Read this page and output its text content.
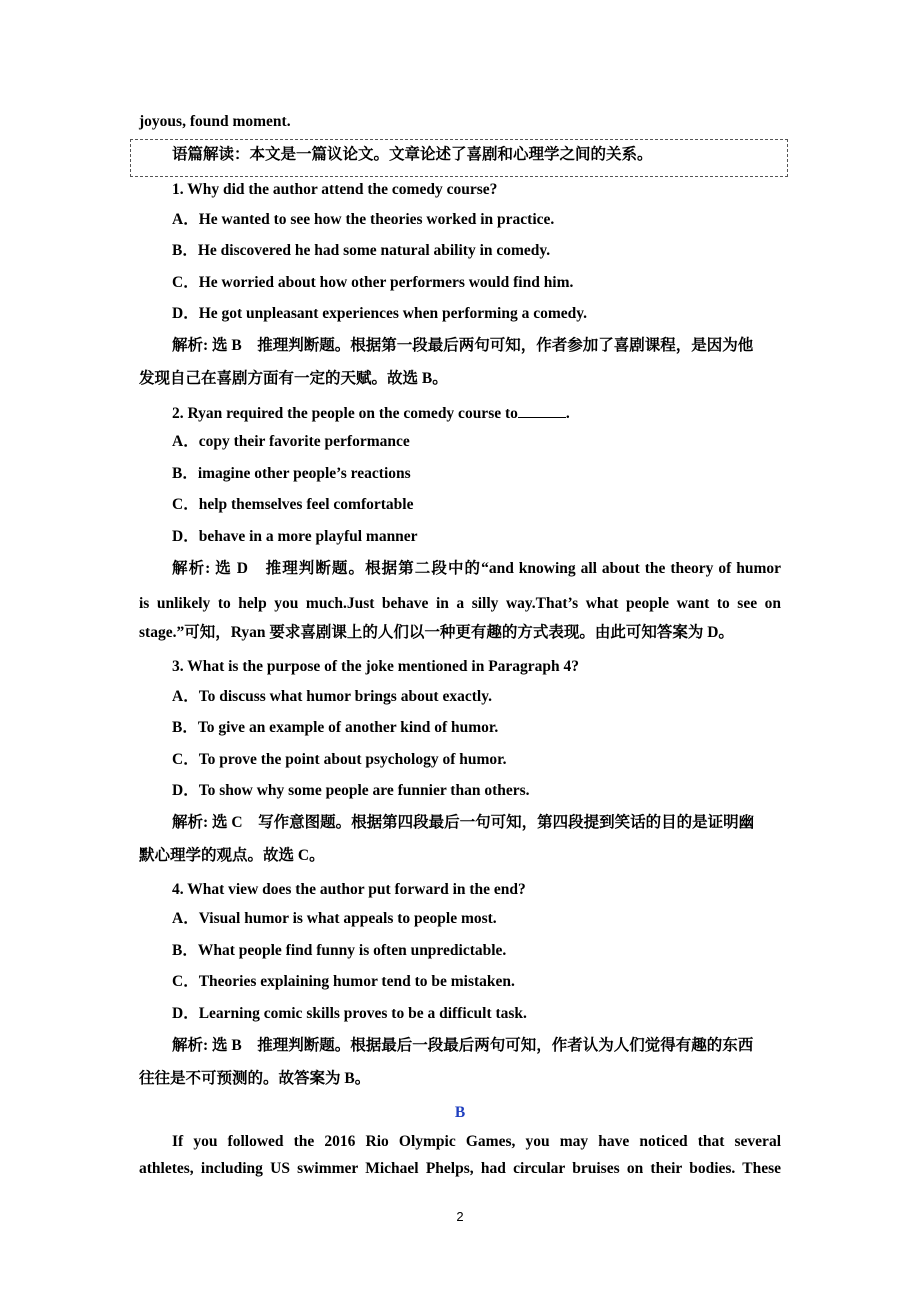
joyous, found moment.
语篇解读：本文是一篇议论文。文章论述了喜剧和心理学之间的关系。
1. Why did the author attend the comedy course?
A．He wanted to see how the theories worked in practice.
B．He discovered he had some natural ability in comedy.
C．He worried about how other performers would find him.
D．He got unpleasant experiences when performing a comedy.
解析: 选 B　推理判断题。根据第一段最后两句可知，作者参加了喜剧课程，是因为他
发现自己在喜剧方面有一定的天赋。故选 B。
2. Ryan required the people on the comedy course to	.
A．copy their favorite performance
B．imagine other people’s reactions
C．help themselves feel comfortable
D．behave in a more playful manner
解析: 选 D　推理判断题。根据第二段中的“and knowing all about the theory of humor
is unlikely to help you much.Just behave in a silly way.That’s what people want to see on
stage.”可知，Ryan 要求喜剧课上的人们以一种更有趣的方式表现。由此可知答案为 D。
3. What is the purpose of the joke mentioned in Paragraph 4?
A．To discuss what humor brings about exactly.
B．To give an example of another kind of humor.
C．To prove the point about psychology of humor.
D．To show why some people are funnier than others.
解析: 选 C　写作意图题。根据第四段最后一句可知，第四段提到笑话的目的是证明幽
默心理学的观点。故选 C。
4. What view does the author put forward in the end?
A．Visual humor is what appeals to people most.
B．What people find funny is often unpredictable.
C．Theories explaining humor tend to be mistaken.
D．Learning comic skills proves to be a difficult task.
解析: 选 B　推理判断题。根据最后一段最后两句可知，作者认为人们觉得有趣的东西
往往是不可预测的。故答案为 B。
B
If you followed the 2016 Rio Olympic Games, you may have noticed that several
athletes, including US swimmer Michael Phelps, had circular bruises on their bodies. These
2
